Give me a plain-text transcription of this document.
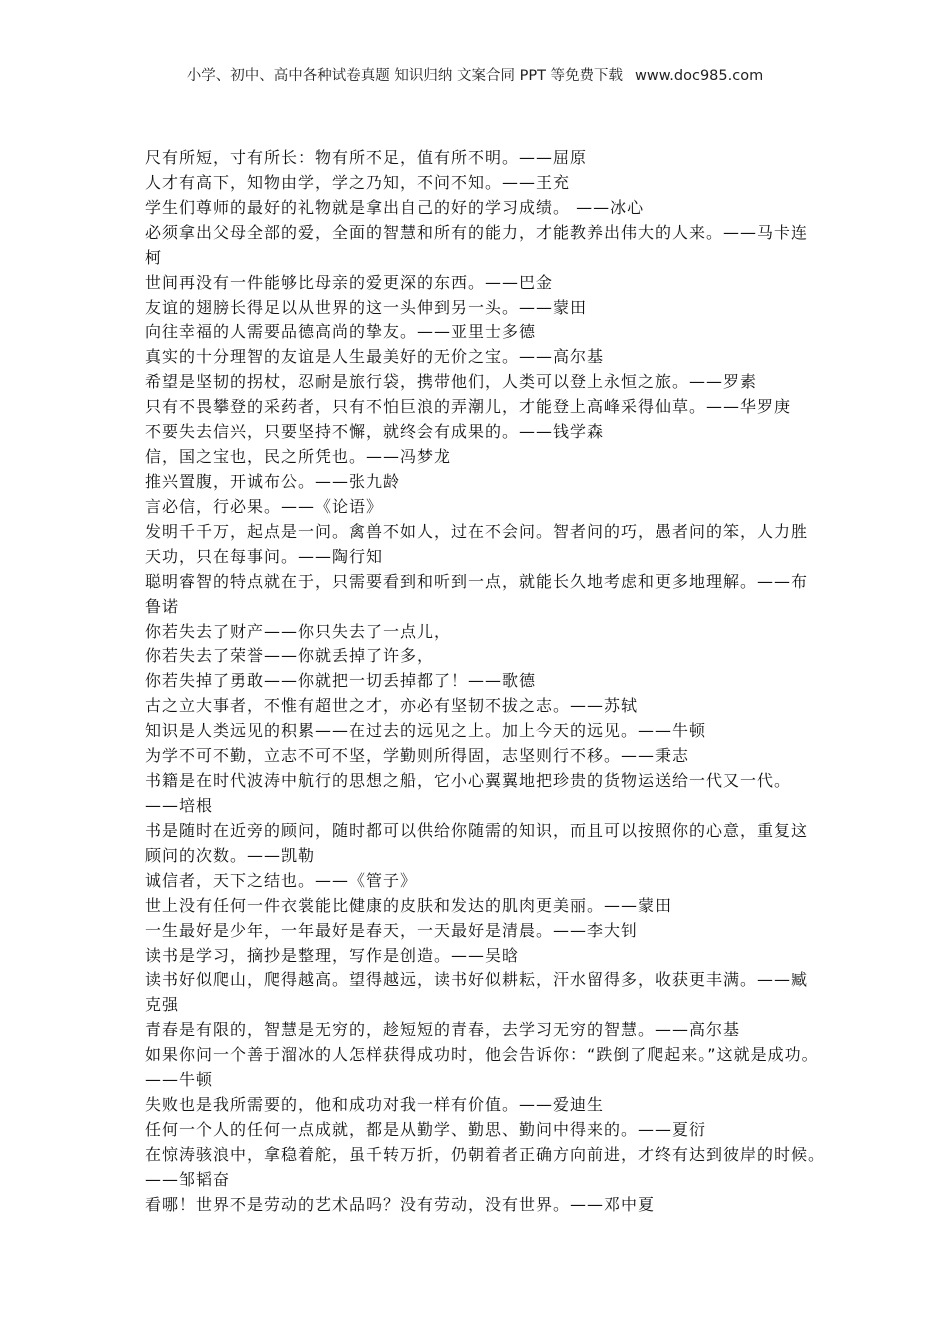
小学、初中、高中各种试卷真题 知识归纳 文案合同 PPT 等免费下载 www.doc985.com
尺有所短，寸有所长：物有所不足，值有所不明。——屈原
人才有高下，知物由学，学之乃知，不问不知。——王充
学生们尊师的最好的礼物就是拿出自己的好的学习成绩。 ——冰心
必须拿出父母全部的爱，全面的智慧和所有的能力，才能教养出伟大的人来。——马卡连
柯
世间再没有一件能够比母亲的爱更深的东西。——巴金
友谊的翅膀长得足以从世界的这一头伸到另一头。——蒙田
向往幸福的人需要品德高尚的挚友。——亚里士多德
真实的十分理智的友谊是人生最美好的无价之宝。——高尔基
希望是坚韧的拐杖，忍耐是旅行袋，携带他们，人类可以登上永恒之旅。——罗素
只有不畏攀登的采药者，只有不怕巨浪的弄潮儿，才能登上高峰采得仙草。——华罗庚
不要失去信兴，只要坚持不懈，就终会有成果的。——钱学森
信，国之宝也，民之所凭也。——冯梦龙
推兴置腹，开诚布公。——张九龄
言必信，行必果。——《论语》
发明千千万，起点是一问。禽兽不如人，过在不会问。智者问的巧，愚者问的笨，人力胜
天功，只在每事问。——陶行知
聪明睿智的特点就在于，只需要看到和听到一点，就能长久地考虑和更多地理解。——布
鲁诺
你若失去了财产——你只失去了一点儿，
你若失去了荣誉——你就丢掉了许多，
你若失掉了勇敢——你就把一切丢掉都了！——歌德
古之立大事者，不惟有超世之才，亦必有坚韧不拔之志。——苏轼
知识是人类远见的积累——在过去的远见之上。加上今天的远见。——牛顿
为学不可不勤，立志不可不坚，学勤则所得固，志坚则行不移。——秉志
书籍是在时代波涛中航行的思想之船，它小心翼翼地把珍贵的货物运送给一代又一代。
——培根
书是随时在近旁的顾问，随时都可以供给你随需的知识，而且可以按照你的心意，重复这
顾问的次数。——凯勒
诚信者，天下之结也。——《管子》
世上没有任何一件衣裳能比健康的皮肤和发达的肌肉更美丽。——蒙田
一生最好是少年，一年最好是春天，一天最好是清晨。——李大钊
读书是学习，摘抄是整理，写作是创造。——吴晗
读书好似爬山，爬得越高。望得越远，读书好似耕耘，汗水留得多，收获更丰满。——臧
克强
青春是有限的，智慧是无穷的，趁短短的青春，去学习无穷的智慧。——高尔基
如果你问一个善于溜冰的人怎样获得成功时，他会告诉你：“跌倒了爬起来。”这就是成功。
——牛顿
失败也是我所需要的，他和成功对我一样有价值。——爱迪生
任何一个人的任何一点成就，都是从勤学、勤思、勤问中得来的。——夏衍
在惊涛骇浪中，拿稳着舵，虽千转万折，仍朝着者正确方向前进，才终有达到彼岸的时候。
——邹韬奋
看哪！世界不是劳动的艺术品吗？没有劳动，没有世界。——邓中夏
